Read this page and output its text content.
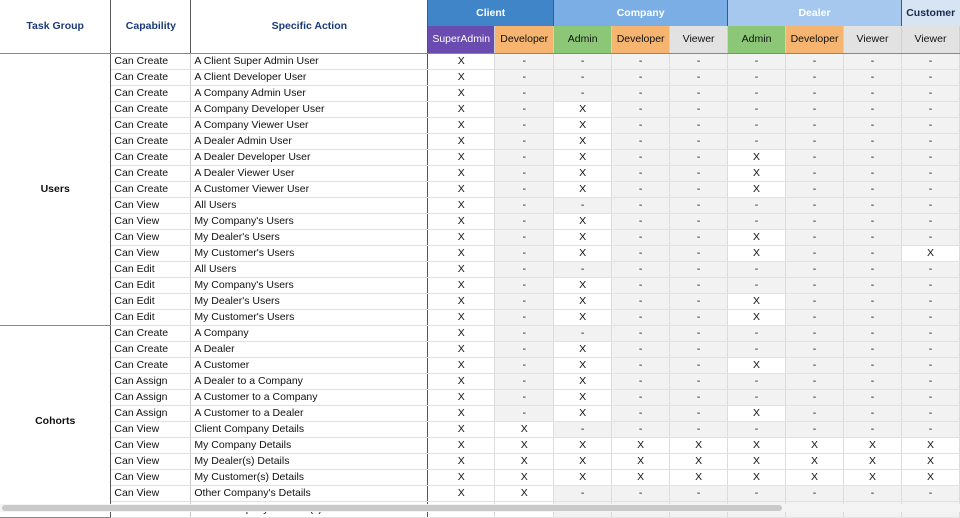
Task Group	Capability	Specific Action	Client		Company			Dealer			Customer
			SuperAdmin	Developer	Admin	Developer	Viewer	Admin	Developer	Viewer	Viewer
Users	Can Create	A Client Super Admin User	X	-	-	-	-	-	-	-	-
	Can Create	A Client Developer User	X	-	-	-	-	-	-	-	-
	Can Create	A Company Admin User	X	-	-	-	-	-	-	-	-
	Can Create	A Company Developer User	X	-	X	-	-	-	-	-	-
	Can Create	A Company Viewer User	X	-	X	-	-	-	-	-	-
	Can Create	A Dealer Admin User	X	-	X	-	-	-	-	-	-
	Can Create	A Dealer Developer User	X	-	X	-	-	X	-	-	-
	Can Create	A Dealer Viewer User	X	-	X	-	-	X	-	-	-
	Can Create	A Customer Viewer User	X	-	X	-	-	X	-	-	-
	Can View	All Users	X	-	-	-	-	-	-	-	-
	Can View	My Company's Users	X	-	X	-	-	-	-	-	-
	Can View	My Dealer's Users	X	-	X	-	-	X	-	-	-
	Can View	My Customer's Users	X	-	X	-	-	X	-	-	X
	Can Edit	All Users	X	-	-	-	-	-	-	-	-
	Can Edit	My Company's Users	X	-	X	-	-	-	-	-	-
	Can Edit	My Dealer's Users	X	-	X	-	-	X	-	-	-
	Can Edit	My Customer's Users	X	-	X	-	-	X	-	-	-
Cohorts	Can Create	A Company	X	-	-	-	-	-	-	-	-
	Can Create	A Dealer	X	-	X	-	-	-	-	-	-
	Can Create	A Customer	X	-	X	-	-	X	-	-	-
	Can Assign	A Dealer to a Company	X	-	X	-	-	-	-	-	-
	Can Assign	A Customer to a Company	X	-	X	-	-	-	-	-	-
	Can Assign	A Customer to a Dealer	X	-	X	-	-	X	-	-	-
	Can View	Client Company Details	X	X	-	-	-	-	-	-	-
	Can View	My Company Details	X	X	X	X	X	X	X	X	X
	Can View	My Dealer(s) Details	X	X	X	X	X	X	X	X	X
	Can View	My Customer(s) Details	X	X	X	X	X	X	X	X	X
	Can View	Other Company's Details	X	X	-	-	-	-	-	-	-
